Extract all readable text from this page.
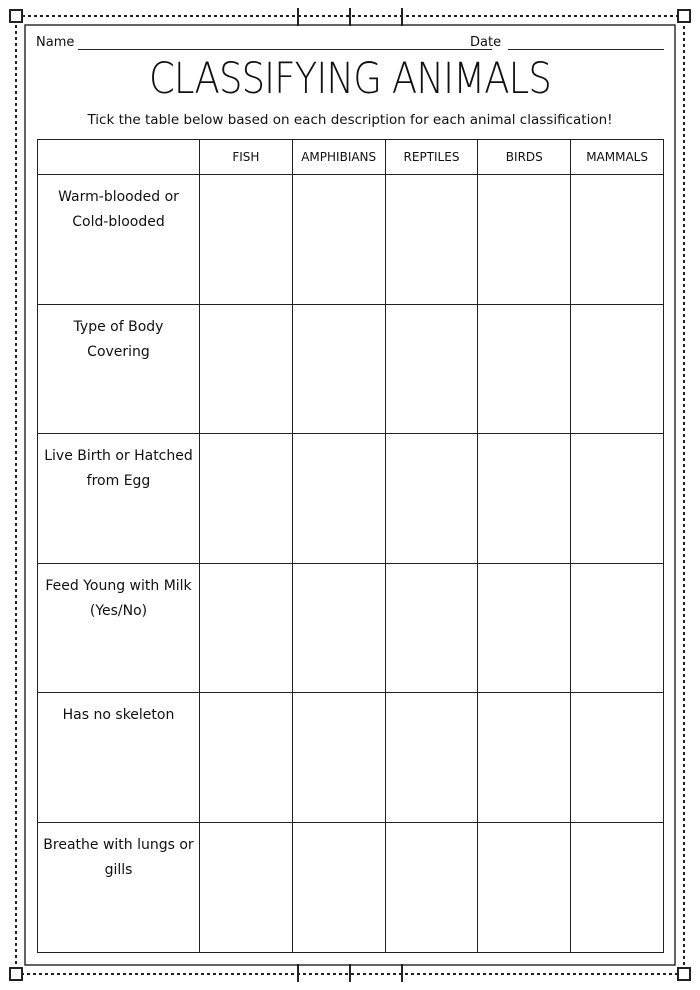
Name	Date
CLASSIFYING ANIMALS
Tick the table below based on each description for each animal classification!
	FISH	AMPHIBIANS	REPTILES	BIRDS	MAMMALS
Warm-blooded or Cold-blooded					
Type of Body Covering					
Live Birth or Hatched from Egg					
Feed Young with Milk (Yes/No)					
Has no skeleton					
Breathe with lungs or gills					
